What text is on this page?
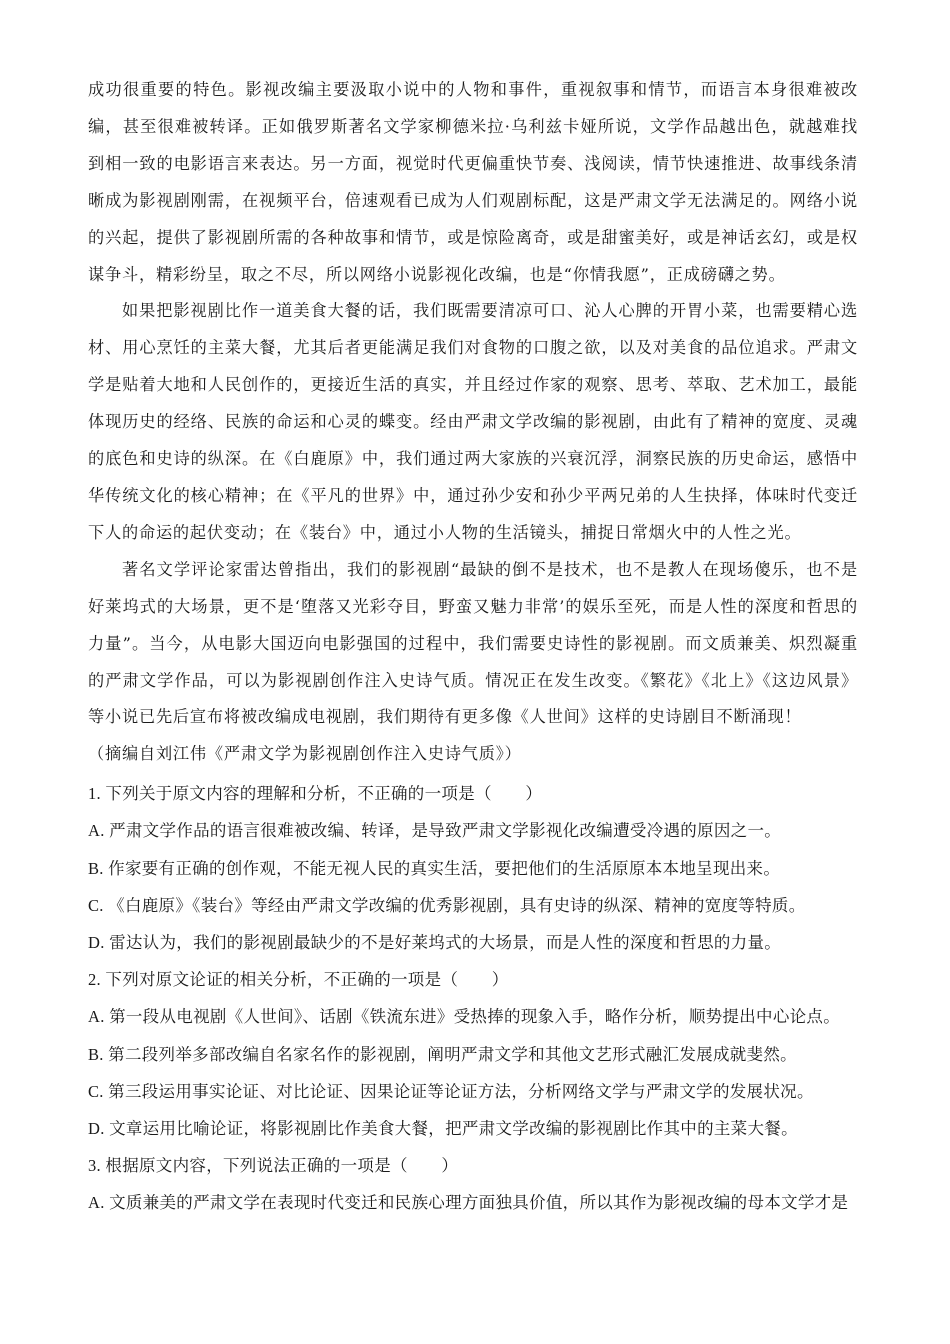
成功很重要的特色。影视改编主要汲取小说中的人物和事件，重视叙事和情节，而语言本身很难被改编，甚至很难被转译。正如俄罗斯著名文学家柳德米拉·乌利兹卡娅所说，文学作品越出色，就越难找到相一致的电影语言来表达。另一方面，视觉时代更偏重快节奏、浅阅读，情节快速推进、故事线条清晰成为影视剧刚需，在视频平台，倍速观看已成为人们观剧标配，这是严肃文学无法满足的。网络小说的兴起，提供了影视剧所需的各种故事和情节，或是惊险离奇，或是甜蜜美好，或是神话玄幻，或是权谋争斗，精彩纷呈，取之不尽，所以网络小说影视化改编，也是“你情我愿”，正成磅礴之势。

如果把影视剧比作一道美食大餐的话，我们既需要清凉可口、沁人心脾的开胃小菜，也需要精心选材、用心烹饪的主菜大餐，尤其后者更能满足我们对食物的口腹之欲，以及对美食的品位追求。严肃文学是贴着大地和人民创作的，更接近生活的真实，并且经过作家的观察、思考、萃取、艺术加工，最能体现历史的经络、民族的命运和心灵的蝶变。经由严肃文学改编的影视剧，由此有了精神的宽度、灵魂的底色和史诗的纵深。在《白鹿原》中，我们通过两大家族的兴衰沉浮，洞察民族的历史命运，感悟中华传统文化的核心精神；在《平凡的世界》中，通过孙少安和孙少平两兄弟的人生抉择，体味时代变迁下人的命运的起伏变动；在《装台》中，通过小人物的生活镜头，捕捉日常烟火中的人性之光。

著名文学评论家雷达曾指出，我们的影视剧“最缺的倒不是技术，也不是教人在现场傻乐，也不是好莱坞式的大场景，更不是‘堕落又光彩夺目，野蛮又魅力非常’的娱乐至死，而是人性的深度和哲思的力量”。当今，从电影大国迈向电影强国的过程中，我们需要史诗性的影视剧。而文质兼美、炽烈凝重的严肃文学作品，可以为影视剧创作注入史诗气质。情况正在发生改变。《繁花》《北上》《这边风景》等小说已先后宣布将被改编成电视剧，我们期待有更多像《人世间》这样的史诗剧目不断涌现！

（摘编自刘江伟《严肃文学为影视剧创作注入史诗气质》）

1. 下列关于原文内容的理解和分析，不正确的一项是（　　）

A. 严肃文学作品的语言很难被改编、转译，是导致严肃文学影视化改编遭受冷遇的原因之一。

B. 作家要有正确的创作观，不能无视人民的真实生活，要把他们的生活原原本本地呈现出来。

C. 《白鹿原》《装台》等经由严肃文学改编的优秀影视剧，具有史诗的纵深、精神的宽度等特质。

D. 雷达认为，我们的影视剧最缺少的不是好莱坞式的大场景，而是人性的深度和哲思的力量。

2. 下列对原文论证的相关分析，不正确的一项是（　　）

A. 第一段从电视剧《人世间》、话剧《铁流东进》受热捧的现象入手，略作分析，顺势提出中心论点。

B. 第二段列举多部改编自名家名作的影视剧，阐明严肃文学和其他文艺形式融汇发展成就斐然。

C. 第三段运用事实论证、对比论证、因果论证等论证方法，分析网络文学与严肃文学的发展状况。

D. 文章运用比喻论证，将影视剧比作美食大餐，把严肃文学改编的影视剧比作其中的主菜大餐。

3. 根据原文内容，下列说法正确的一项是（　　）

A. 文质兼美的严肃文学在表现时代变迁和民族心理方面独具价值，所以其作为影视改编的母本文学才是
